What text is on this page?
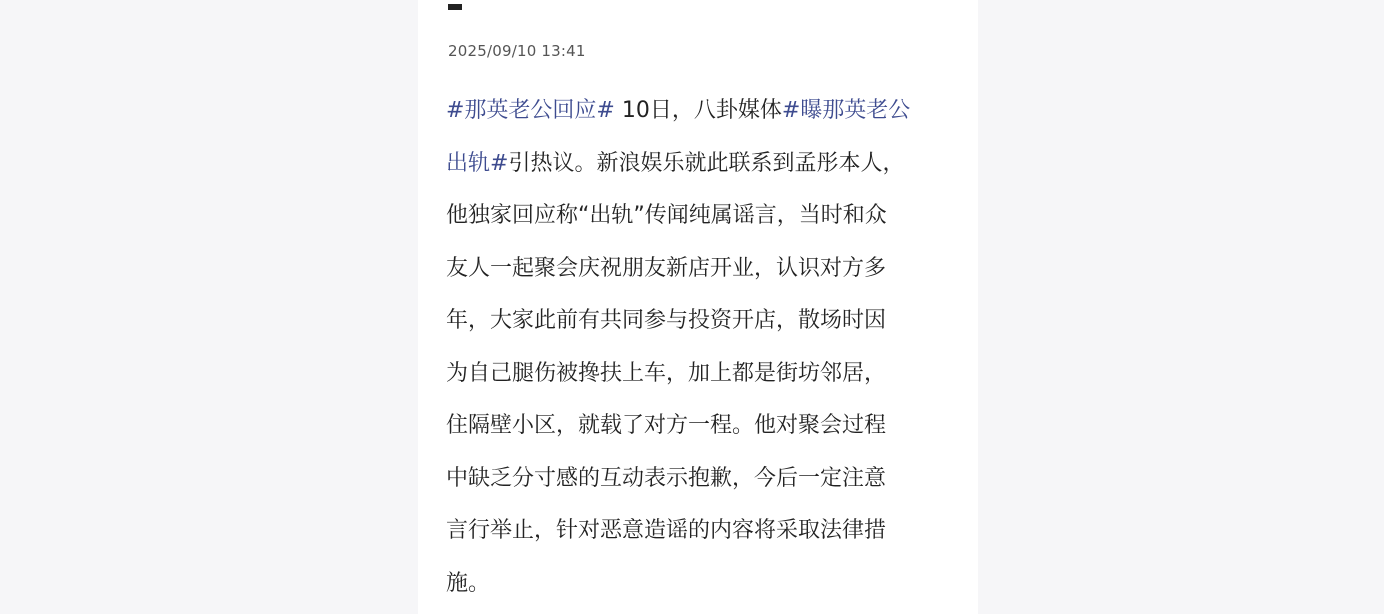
2025/09/10 13:41
#那英老公回应# 10日，八卦媒体#曝那英老公
出轨#引热议。新浪娱乐就此联系到孟彤本人，
他独家回应称“出轨”传闻纯属谣言，当时和众
友人一起聚会庆祝朋友新店开业，认识对方多
年，大家此前有共同参与投资开店，散场时因
为自己腿伤被搀扶上车，加上都是街坊邻居，
住隔壁小区，就载了对方一程。他对聚会过程
中缺乏分寸感的互动表示抱歉，今后一定注意
言行举止，针对恶意造谣的内容将采取法律措
施。
